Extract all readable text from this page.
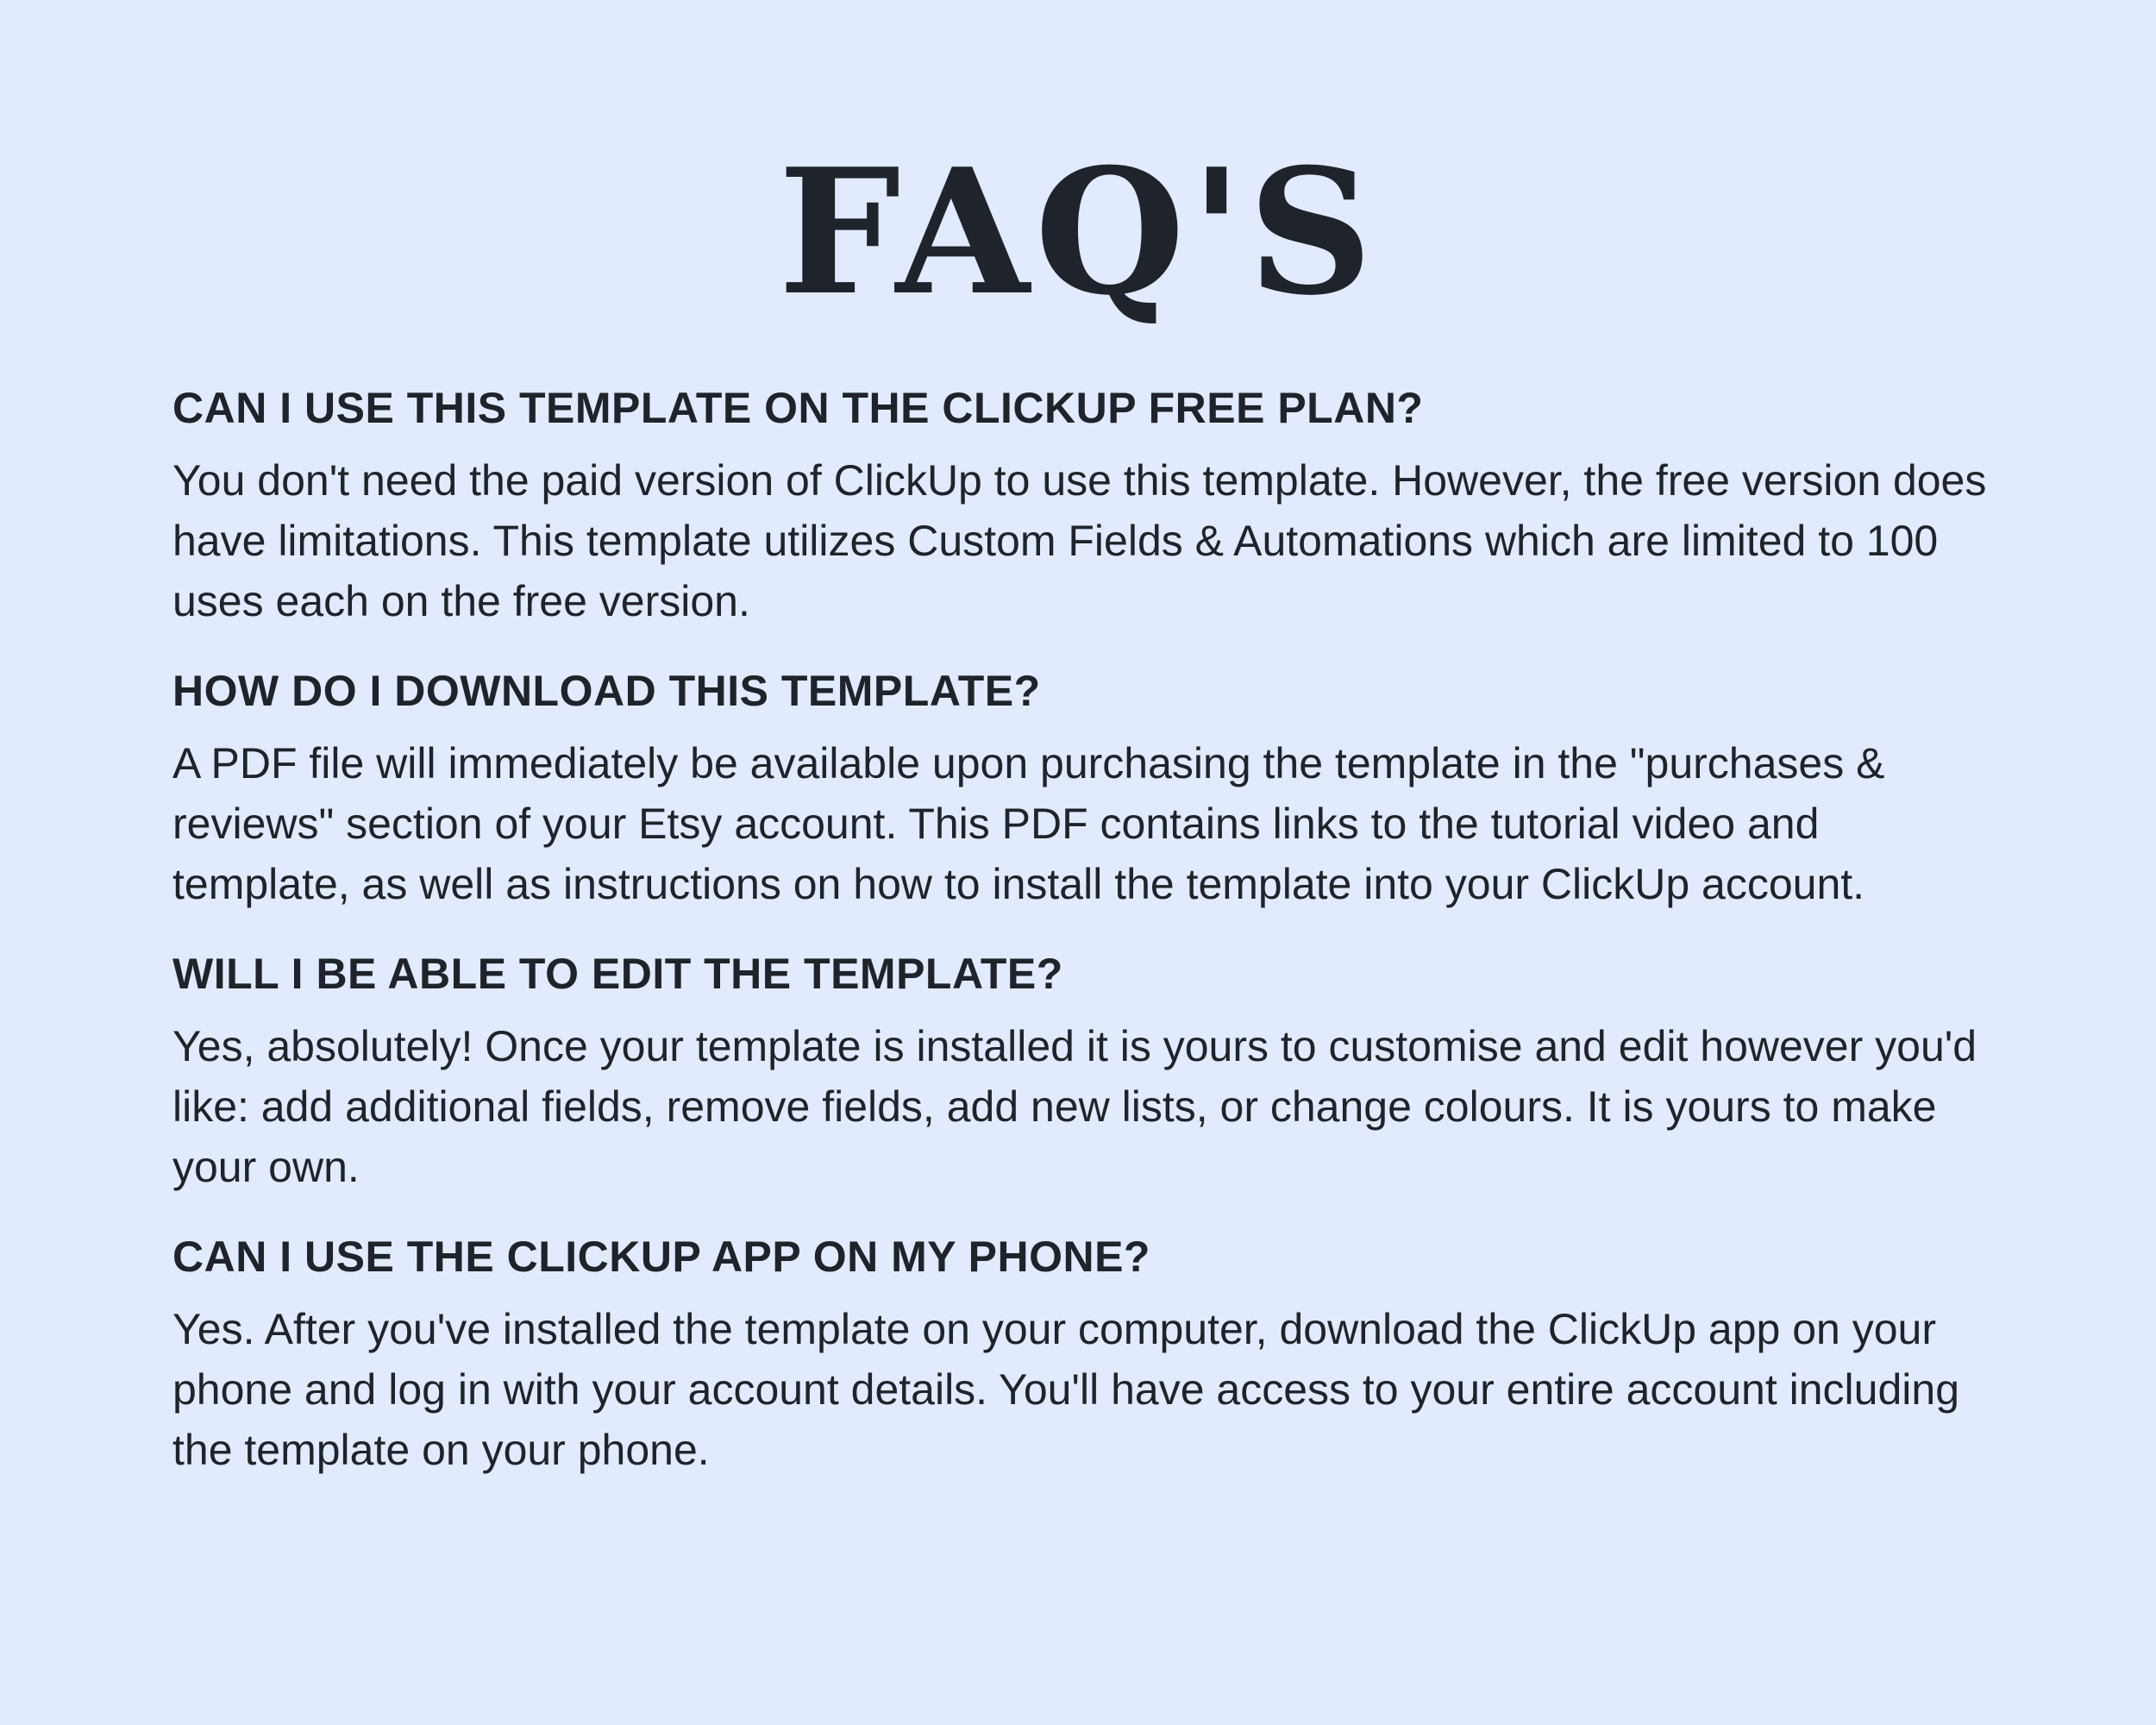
FAQ'S
CAN I USE THIS TEMPLATE ON THE CLICKUP FREE PLAN?

You don't need the paid version of ClickUp to use this template. However, the free version does have limitations. This template utilizes Custom Fields & Automations which are limited to 100 uses each on the free version.

HOW DO I DOWNLOAD THIS TEMPLATE?

A PDF file will immediately be available upon purchasing the template in the "purchases & reviews" section of your Etsy account. This PDF contains links to the tutorial video and template, as well as instructions on how to install the template into your ClickUp account.

WILL I BE ABLE TO EDIT THE TEMPLATE?

Yes, absolutely! Once your template is installed it is yours to customise and edit however you'd like: add additional fields, remove fields, add new lists, or change colours. It is yours to make your own.

CAN I USE THE CLICKUP APP ON MY PHONE?

Yes. After you've installed the template on your computer, download the ClickUp app on your phone and log in with your account details. You'll have access to your entire account including the template on your phone.
